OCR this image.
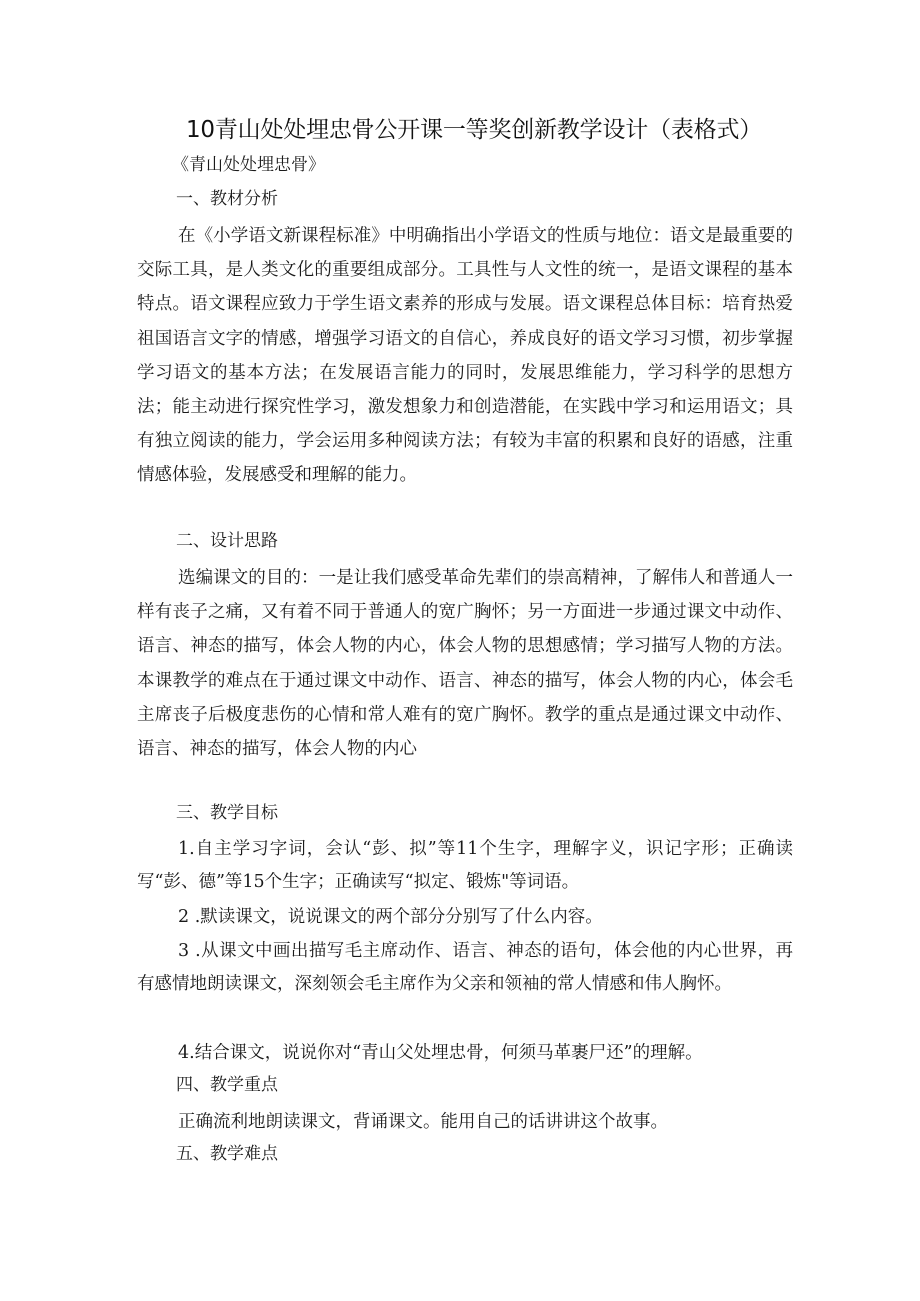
10青山处处埋忠骨公开课一等奖创新教学设计（表格式）
《青山处处埋忠骨》
一、教材分析
在《小学语文新课程标准》中明确指出小学语文的性质与地位：语文是最重要的交际工具，是人类文化的重要组成部分。工具性与人文性的统一，是语文课程的基本特点。语文课程应致力于学生语文素养的形成与发展。语文课程总体目标：培育热爱祖国语言文字的情感，增强学习语文的自信心，养成良好的语文学习习惯，初步掌握学习语文的基本方法；在发展语言能力的同时，发展思维能力，学习科学的思想方法；能主动进行探究性学习，激发想象力和创造潜能，在实践中学习和运用语文；具有独立阅读的能力，学会运用多种阅读方法；有较为丰富的积累和良好的语感，注重情感体验，发展感受和理解的能力。
二、设计思路
选编课文的目的：一是让我们感受革命先辈们的崇高精神，了解伟人和普通人一样有丧子之痛，又有着不同于普通人的宽广胸怀；另一方面进一步通过课文中动作、语言、神态的描写，体会人物的内心，体会人物的思想感情；学习描写人物的方法。本课教学的难点在于通过课文中动作、语言、神态的描写，体会人物的内心，体会毛主席丧子后极度悲伤的心情和常人难有的宽广胸怀。教学的重点是通过课文中动作、语言、神态的描写，体会人物的内心
三、教学目标
1.自主学习字词，会认“彭、拟”等11个生字，理解字义，识记字形；正确读写“彭、德”等15个生字；正确读写“拟定、锻炼"等词语。
2 .默读课文，说说课文的两个部分分别写了什么内容。
3 .从课文中画出描写毛主席动作、语言、神态的语句，体会他的内心世界，再有感情地朗读课文，深刻领会毛主席作为父亲和领袖的常人情感和伟人胸怀。
4.结合课文，说说你对“青山父处埋忠骨，何须马革裹尸还”的理解。
四、教学重点
正确流利地朗读课文，背诵课文。能用自己的话讲讲这个故事。
五、教学难点
